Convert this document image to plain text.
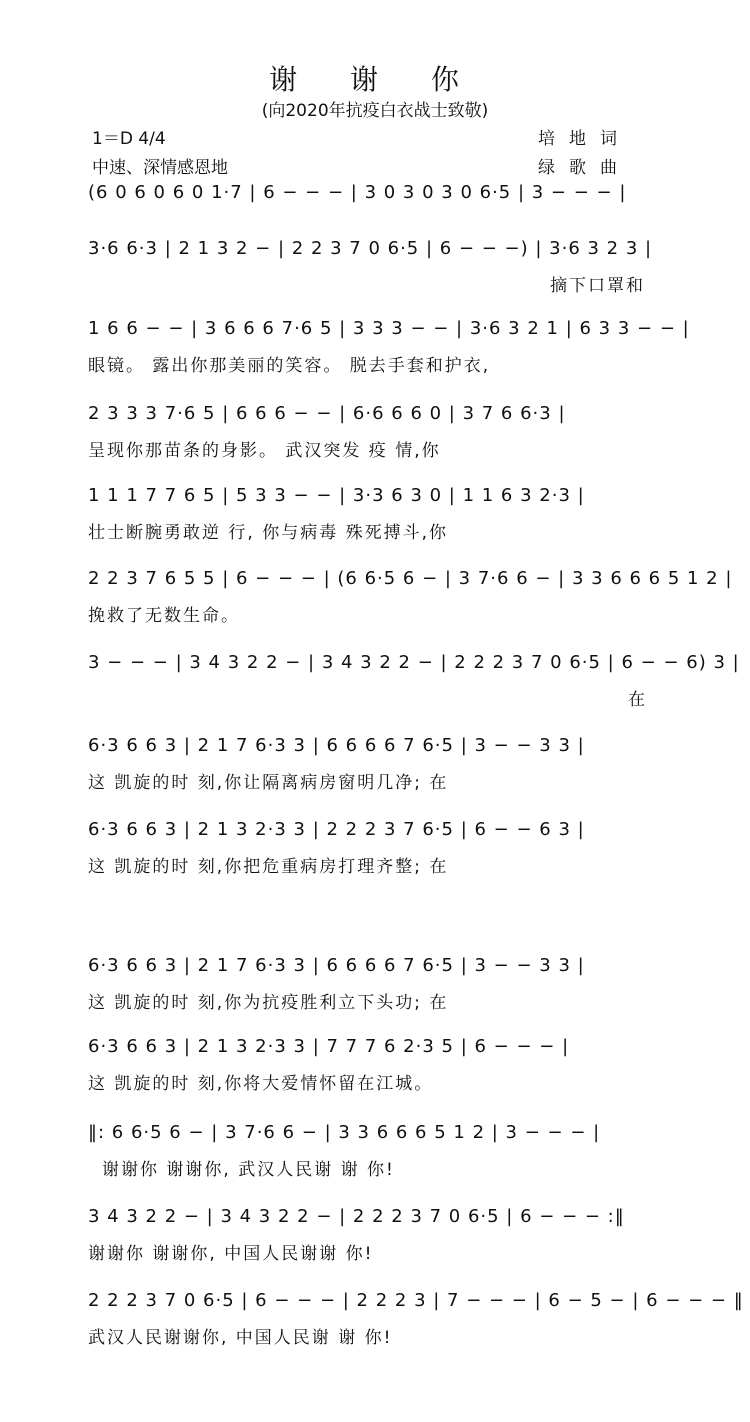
谢 谢 你
(向2020年抗疫白衣战士致敬)
1＝D 4/4
中速、深情感恩地
培地词
绿歌曲
(6 0 6 0 6 0 1·7 | 6 − − − | 3 0 3 0 3 0 6·5 | 3 − − − |
3·6 6·3 | 2 1 3 2 − | 2 2 3 7 0 6·5 | 6 − − −) | 3·6 3 2 3 |
摘下口罩和
1 6 6 − − | 3 6 6 6 7·6 5 | 3 3 3 − − | 3·6 3 2 1 | 6 3 3 − − |
眼镜。 露出你那美丽的笑容。 脱去手套和护衣,
2 3 3 3 7·6 5 | 6 6 6 − − | 6·6 6 6 0 | 3 7 6 6·3 |
呈现你那苗条的身影。 武汉突发 疫 情,你
1 1 1 7 7 6 5 | 5 3 3 − − | 3·3 6 3 0 | 1 1 6 3 2·3 |
壮士断腕勇敢逆 行, 你与病毒 殊死搏斗,你
2 2 3 7 6 5 5 | 6 − − − | (6 6·5 6 − | 3 7·6 6 − | 3 3 6 6 6 5 1 2 |
挽救了无数生命。
3 − − − | 3 4 3 2 2 − | 3 4 3 2 2 − | 2 2 2 3 7 0 6·5 | 6 − − 6) 3 |
在
6·3 6 6 3 | 2 1 7 6·3 3 | 6 6 6 6 7 6·5 | 3 − − 3 3 |
这 凯旋的时 刻,你让隔离病房窗明几净; 在
6·3 6 6 3 | 2 1 3 2·3 3 | 2 2 2 3 7 6·5 | 6 − − 6 3 |
这 凯旋的时 刻,你把危重病房打理齐整; 在
6·3 6 6 3 | 2 1 7 6·3 3 | 6 6 6 6 7 6·5 | 3 − − 3 3 |
这 凯旋的时 刻,你为抗疫胜利立下头功; 在
6·3 6 6 3 | 2 1 3 2·3 3 | 7 7 7 6 2·3 5 | 6 − − − |
这 凯旋的时 刻,你将大爱情怀留在江城。
‖: 6 6·5 6 − | 3 7·6 6 − | 3 3 6 6 6 5 1 2 | 3 − − − |
谢谢你 谢谢你, 武汉人民谢 谢 你!
3 4 3 2 2 − | 3 4 3 2 2 − | 2 2 2 3 7 0 6·5 | 6 − − − :‖
谢谢你 谢谢你, 中国人民谢谢 你!
2 2 2 3 7 0 6·5 | 6 − − − | 2 2 2 3 | 7 − − − | 6 − 5 − | 6 − − − ‖
武汉人民谢谢你, 中国人民谢 谢 你!
